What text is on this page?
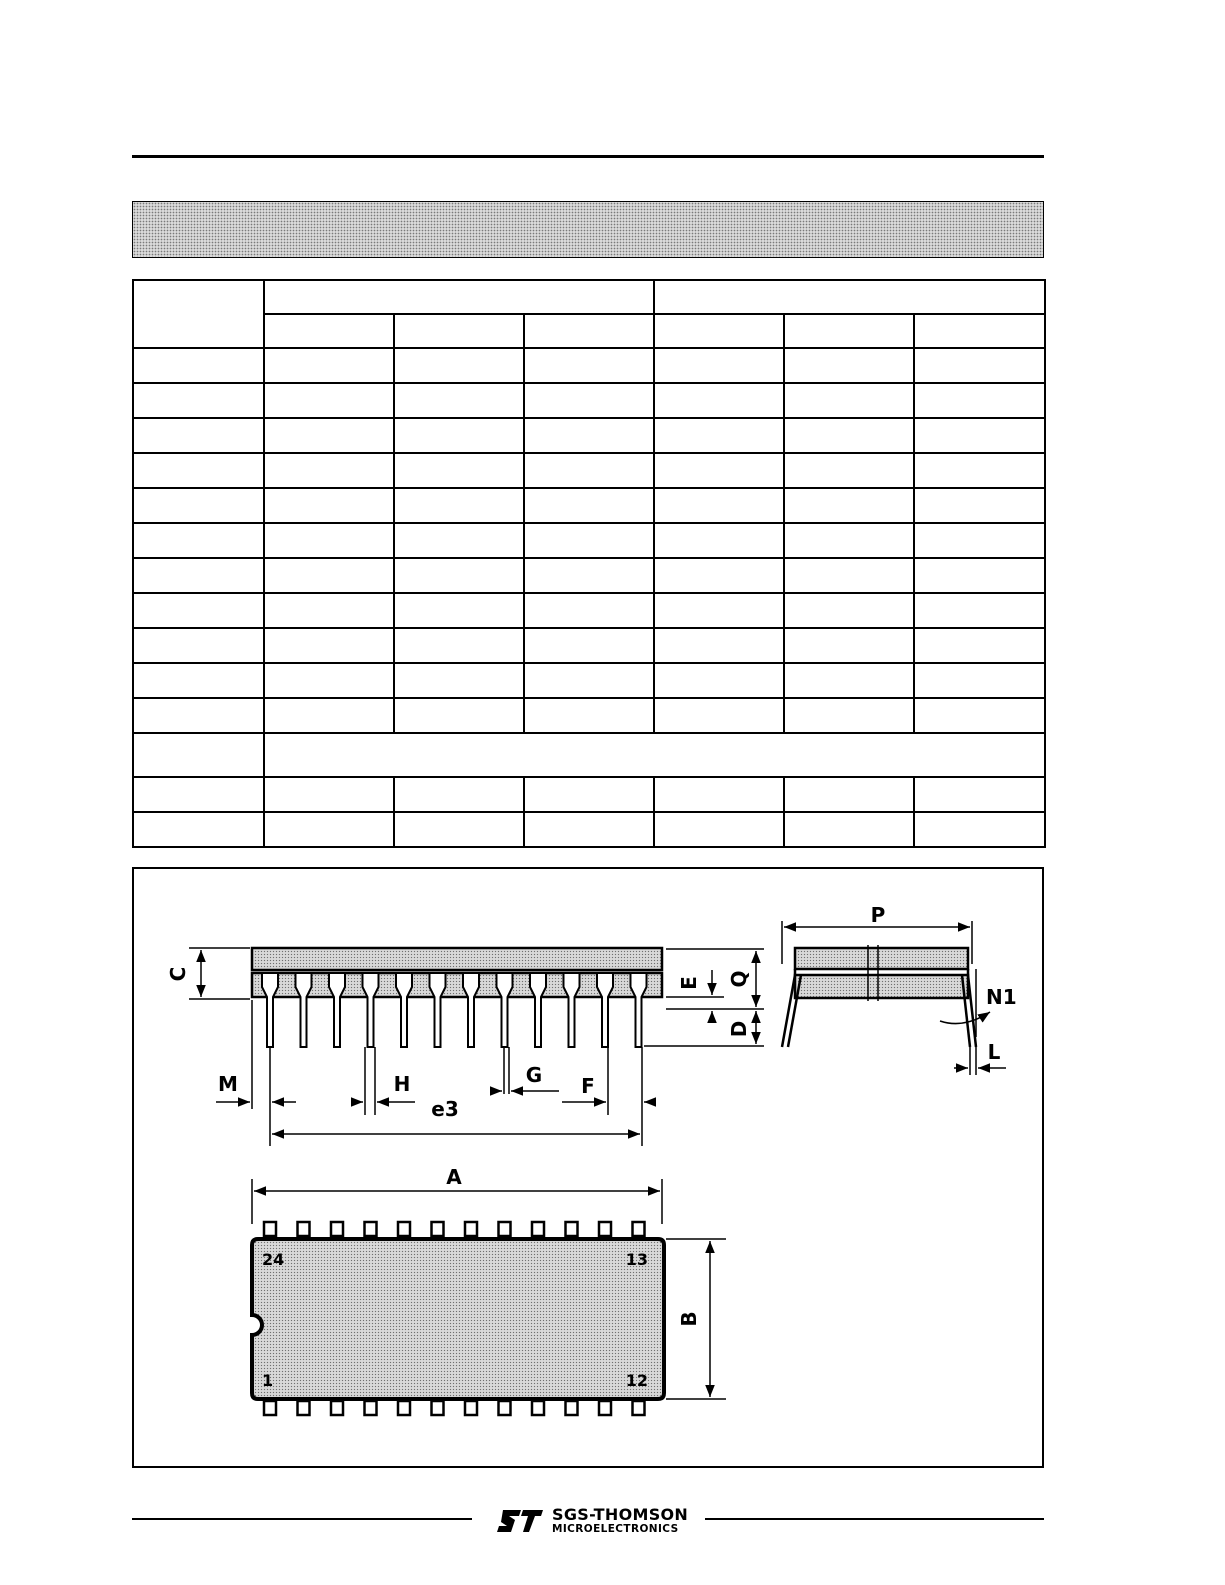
C
E Q
D
M	H	G F
e3
P
N1
L
A
B
24	13
1	12
SGS-THOMSON
MICROELECTRONICS
